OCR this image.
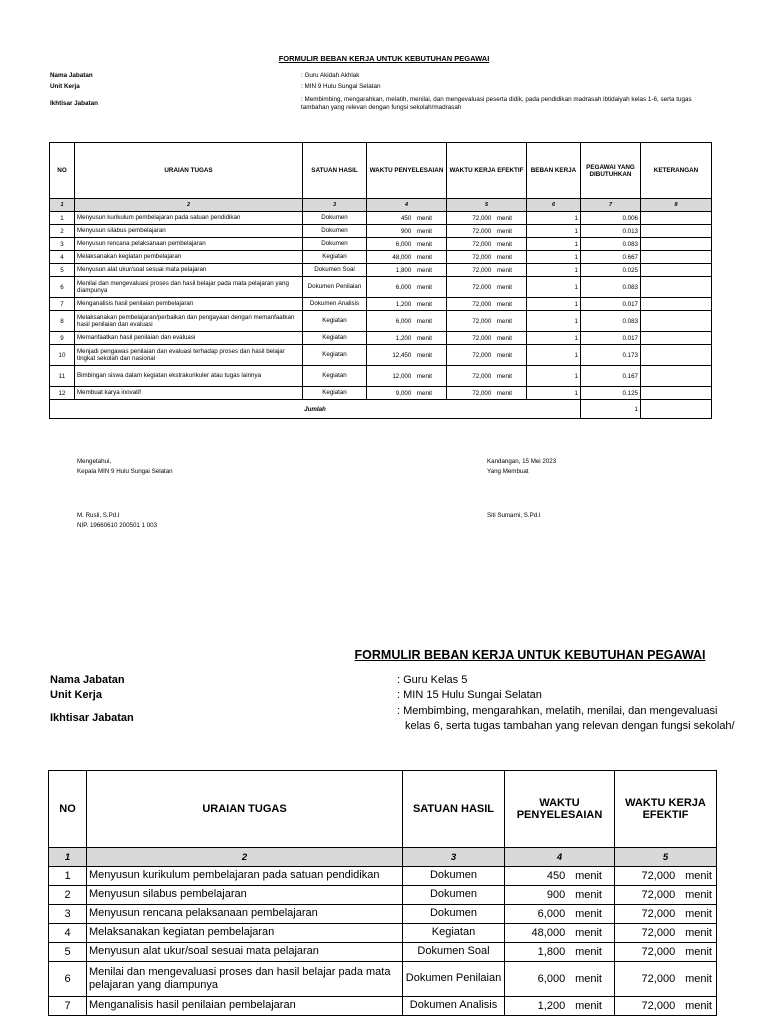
FORMULIR BEBAN KERJA UNTUK KEBUTUHAN PEGAWAI
Nama Jabatan	: Guru Akidah Akhlak
Unit Kerja	: MIN 9 Hulu Sungai Selatan
Ikhtisar Jabatan
: Membimbing, mengarahkan, melatih, menilai, dan mengevaluasi peserta didik, pada pendidikan madrasah ibtidaiyah kelas 1-6, serta tugas tambahan yang relevan dengan fungsi sekolah/madrasah
NO	URAIAN TUGAS	SATUAN HASIL	WAKTU PENYELESAIAN	WAKTU KERJA EFEKTIF	BEBAN KERJA	PEGAWAI YANG DIBUTUHKAN	KETERANGAN
1	2	3	4	5	6	7	8
1	Menyusun kurikulum pembelajaran pada satuan pendidikan	Dokumen	450 menit	72,000 menit	1	0.006	
2	Menyusun silabus pembelajaran	Dokumen	900 menit	72,000 menit	1	0.013	
3	Menyusun rencana pelaksanaan pembelajaran	Dokumen	6,000 menit	72,000 menit	1	0.083	
4	Melaksanakan kegiatan pembelajaran	Kegiatan	48,000 menit	72,000 menit	1	0.667	
5	Menyusun alat ukur/soal sesuai mata pelajaran	Dokumen Soal	1,800 menit	72,000 menit	1	0.025	
6	Menilai dan mengevaluasi proses dan hasil belajar pada mata pelajaran yang diampunya	Dokumen Penilaian	6,000 menit	72,000 menit	1	0.083	
7	Menganalisis hasil penilaian pembelajaran	Dokumen Analisis	1,200 menit	72,000 menit	1	0.017	
8	Melaksanakan pembelajaran/perbaikan dan pengayaan dengan memanfaatkan hasil penilaian dan evaluasi	Kegiatan	6,000 menit	72,000 menit	1	0.083	
9	Memanfaatkan hasil penilaian dan evaluasi	Kegiatan	1,200 menit	72,000 menit	1	0.017	
10	Menjadi pengawas penilaian dan evaluasi terhadap proses dan hasil belajar tingkat sekolah dan nasional	Kegiatan	12,450 menit	72,000 menit	1	0.173	
11	Bimbingan siswa dalam kegiatan ekstrakurikuler atau tugas lainnya	Kegiatan	12,000 menit	72,000 menit	1	0.167	
12	Membuat karya inovatif	Kegiatan	9,000 menit	72,000 menit	1	0.125	
Jumlah						1	
Mengetahui,
Kepala MIN 9 Hulu Sungai Selatan
M. Rusli, S.Pd.I
NIP. 19660610 200501 1 003
Kandangan, 15 Mei 2023
Yang Membuat
Siti Sumarni, S.Pd.I
FORMULIR BEBAN KERJA UNTUK KEBUTUHAN PEGAWAI
Nama Jabatan	: Guru Kelas 5
Unit Kerja	: MIN 15 Hulu Sungai Selatan
Ikhtisar Jabatan
: Membimbing, mengarahkan, melatih, menilai, dan mengevaluasi
kelas 6, serta tugas tambahan yang relevan dengan fungsi sekolah/
NO	URAIAN TUGAS	SATUAN HASIL	WAKTU PENYELESAIAN	WAKTU KERJA EFEKTIF
1	2	3	4	5
1	Menyusun kurikulum pembelajaran pada satuan pendidikan	Dokumen	450 menit	72,000 menit

2	Menyusun silabus pembelajaran	Dokumen	900 menit	72,000 menit

3	Menyusun rencana pelaksanaan pembelajaran	Dokumen	6,000 menit	72,000 menit

4	Melaksanakan kegiatan pembelajaran	Kegiatan	48,000 menit	72,000 menit

5	Menyusun alat ukur/soal sesuai mata pelajaran	Dokumen Soal	1,800 menit	72,000 menit

6	Menilai dan mengevaluasi proses dan hasil belajar pada mata pelajaran yang diampunya	Dokumen Penilaian	6,000 menit	72,000 menit

7	Menganalisis hasil penilaian pembelajaran	Dokumen Analisis	1,200 menit	72,000 menit
